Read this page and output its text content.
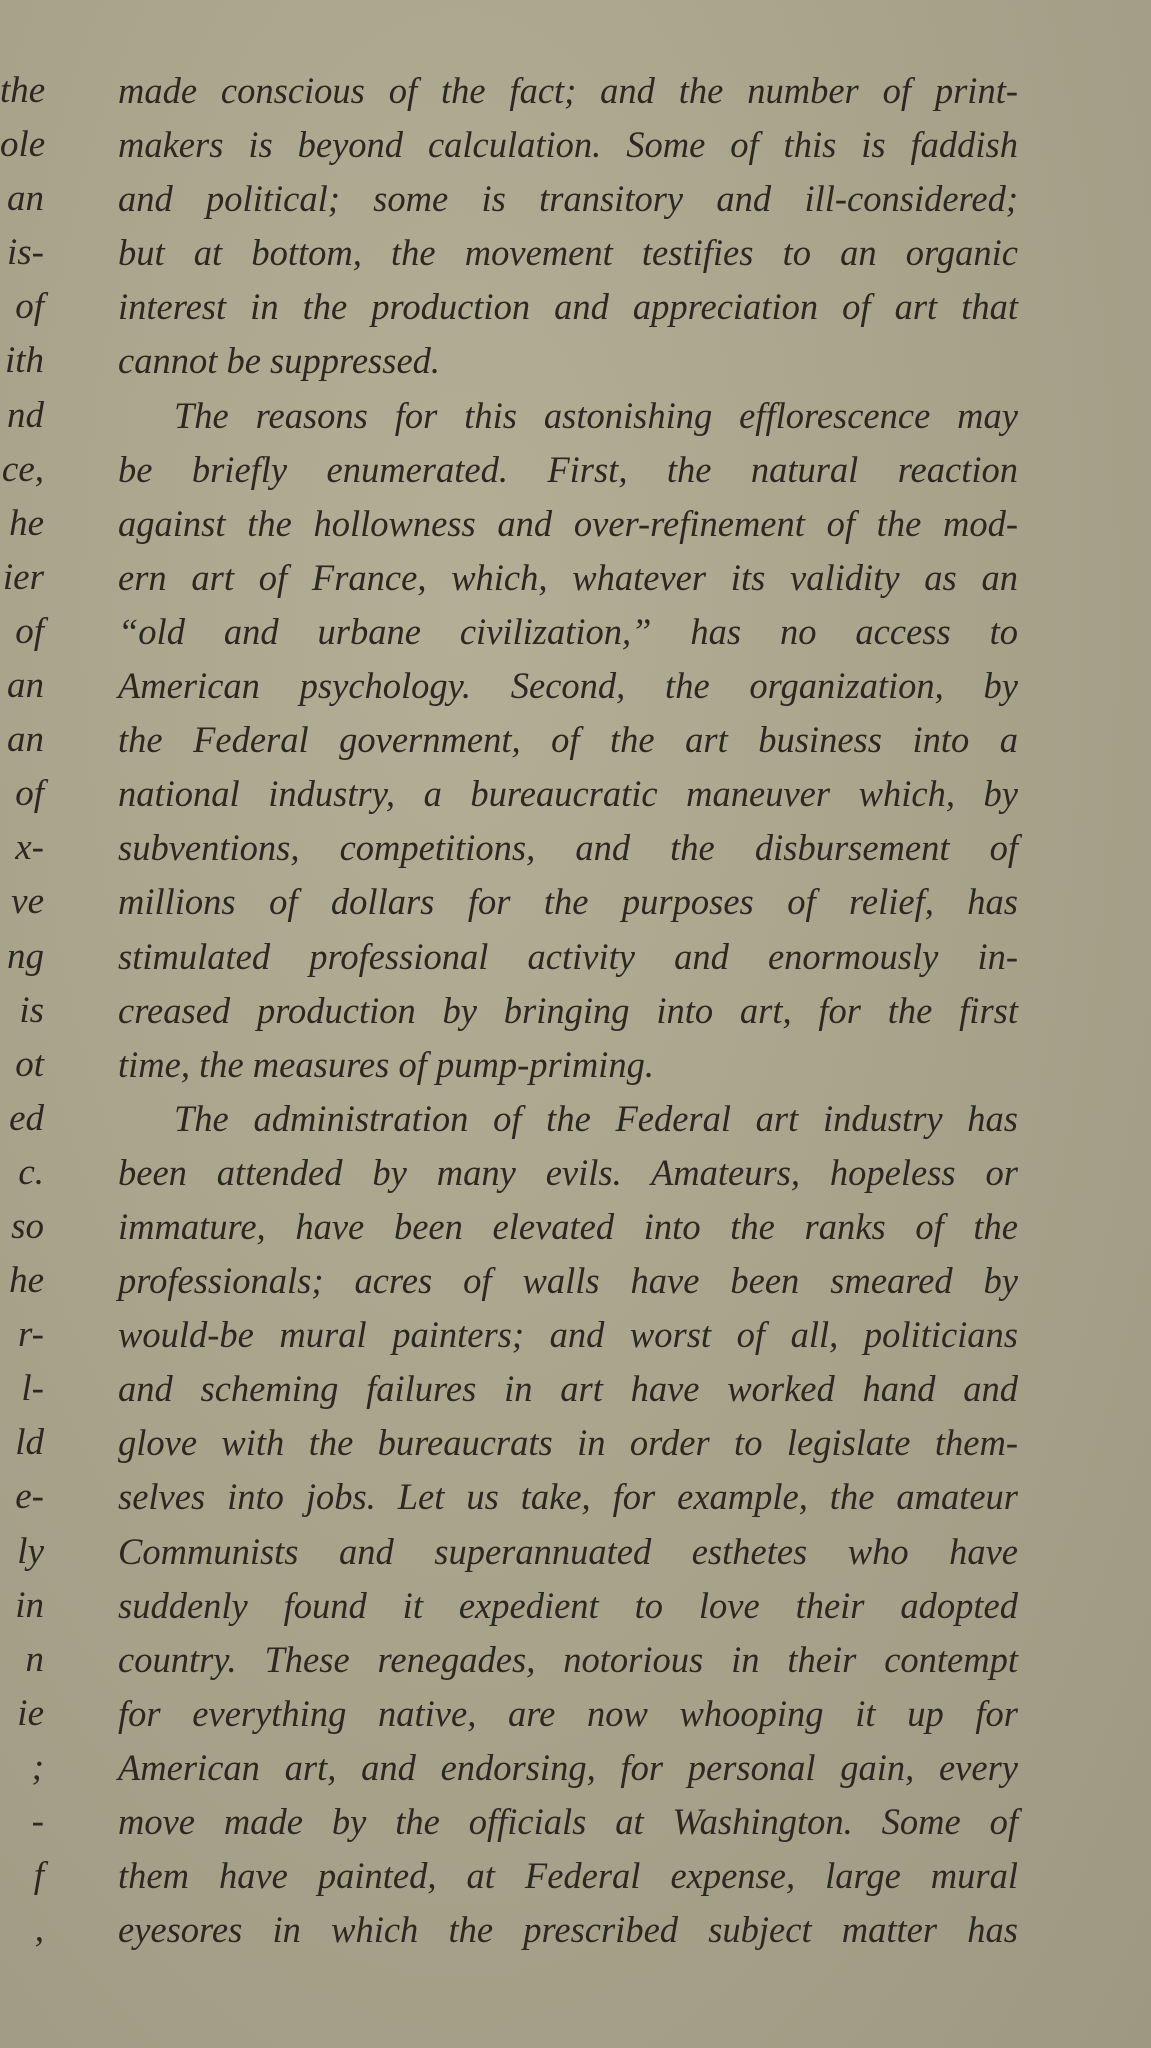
the
ole
an
is-
of
ith
nd
ce,
he
ier
of
an
an
of
x-
ve
ng
is
ot
ed
c.
so
he
r-
l-
ld
e-
ly
in
n
ie
;
-
f
,
made conscious of the fact; and the number of print-
makers is beyond calculation. Some of this is faddish
and political; some is transitory and ill-considered;
but at bottom, the movement testifies to an organic
interest in the production and appreciation of art that
cannot be suppressed.
The reasons for this astonishing efflorescence may
be briefly enumerated. First, the natural reaction
against the hollowness and over-refinement of the mod-
ern art of France, which, whatever its validity as an
“old and urbane civilization,” has no access to
American psychology. Second, the organization, by
the Federal government, of the art business into a
national industry, a bureaucratic maneuver which, by
subventions, competitions, and the disbursement of
millions of dollars for the purposes of relief, has
stimulated professional activity and enormously in-
creased production by bringing into art, for the first
time, the measures of pump-priming.
The administration of the Federal art industry has
been attended by many evils. Amateurs, hopeless or
immature, have been elevated into the ranks of the
professionals; acres of walls have been smeared by
would-be mural painters; and worst of all, politicians
and scheming failures in art have worked hand and
glove with the bureaucrats in order to legislate them-
selves into jobs. Let us take, for example, the amateur
Communists and superannuated esthetes who have
suddenly found it expedient to love their adopted
country. These renegades, notorious in their contempt
for everything native, are now whooping it up for
American art, and endorsing, for personal gain, every
move made by the officials at Washington. Some of
them have painted, at Federal expense, large mural
eyesores in which the prescribed subject matter has
